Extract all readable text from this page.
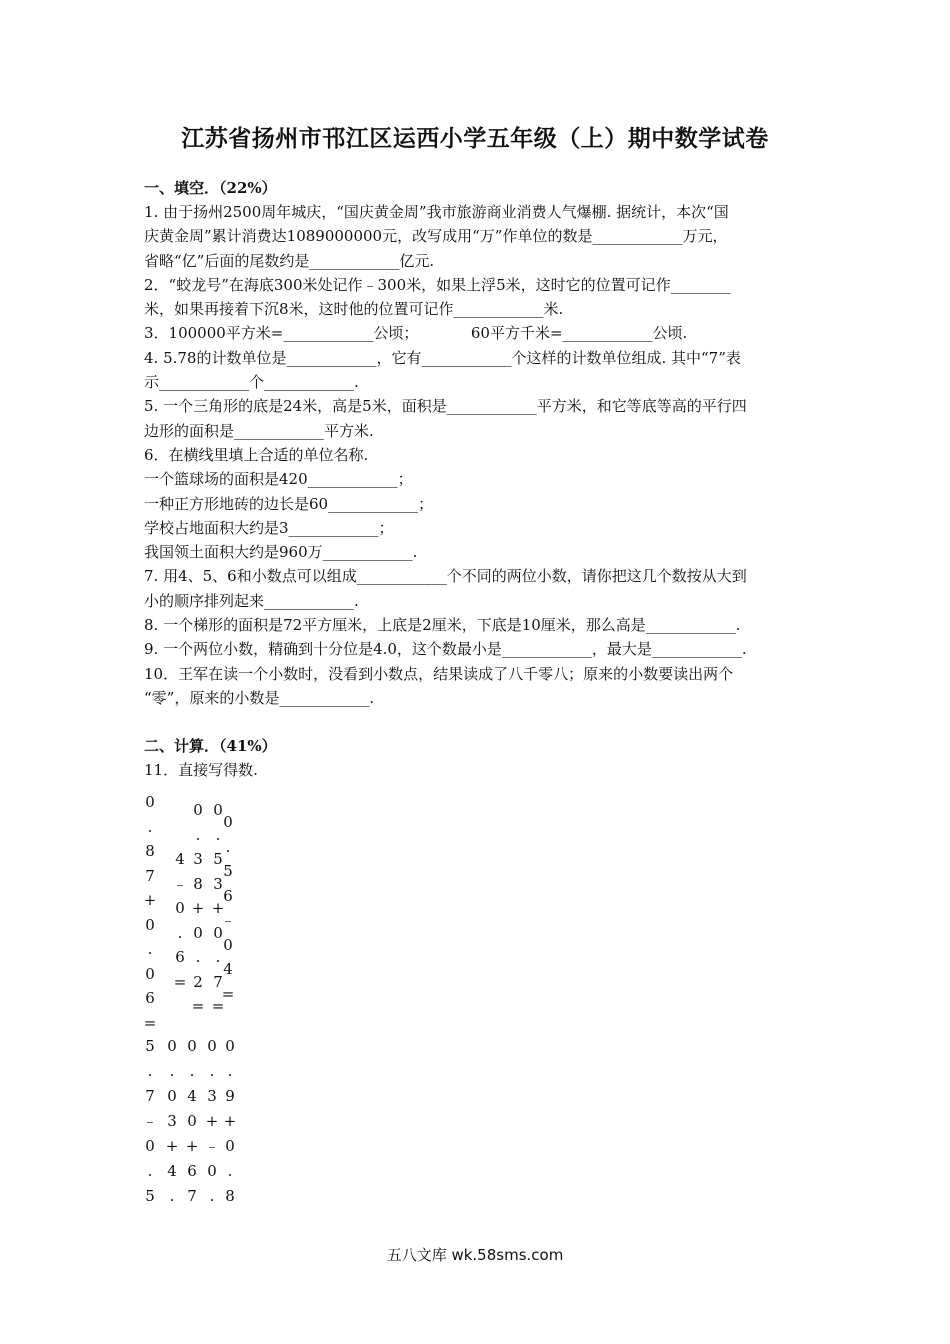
江苏省扬州市邗江区运西小学五年级（上）期中数学试卷
一、填空．（22%）
1. 由于扬州2500周年城庆，“国庆黄金周”我市旅游商业消费人气爆棚. 据统计，本次“国
庆黄金周”累计消费达1089000000元，改写成用“万”作单位的数是____________万元，
省略“亿”后面的尾数约是____________亿元.
2．“蛟龙号”在海底300米处记作﹣300米，如果上浮5米，这时它的位置可记作________
米，如果再接着下沉8米，这时他的位置可记作____________米.
3．100000平方米=____________公顷；　　　　60平方千米=____________公顷.
4. 5.78的计数单位是____________，它有____________个这样的计数单位组成. 其中“7”表
示____________个____________.
5. 一个三角形的底是24米，高是5米，面积是____________平方米，和它等底等高的平行四
边形的面积是____________平方米.
6．在横线里填上合适的单位名称.
一个篮球场的面积是420____________；
一种正方形地砖的边长是60____________；
学校占地面积大约是3____________；
我国领土面积大约是960万____________.
7. 用4、5、6和小数点可以组成____________个不同的两位小数，请你把这几个数按从大到
小的顺序排列起来____________.
8. 一个梯形的面积是72平方厘米，上底是2厘米，下底是10厘米，那么高是____________.
9. 一个两位小数，精确到十分位是4.0，这个数最小是____________，最大是____________.
10．王军在读一个小数时，没看到小数点，结果读成了八千零八；原来的小数要读出两个
“零”，原来的小数是____________.
二、计算．（41%）
11．直接写得数.
0
.
8
7
+
0
.
0
6
=
4
﹣
0
.
6
=
0
.
3
8
+
0
.
2
=
0
.
5
3
+
0
.
7
=
0
.
5
6
﹣
0
4
=
5
.
7
﹣
0
.
5
0
.
0
3
+
4
.
0
.
4
0
+
6
7
0
.
3
+
﹣
0
.
0
.
9
+
0
.
8
五八文库 wk.58sms.com
